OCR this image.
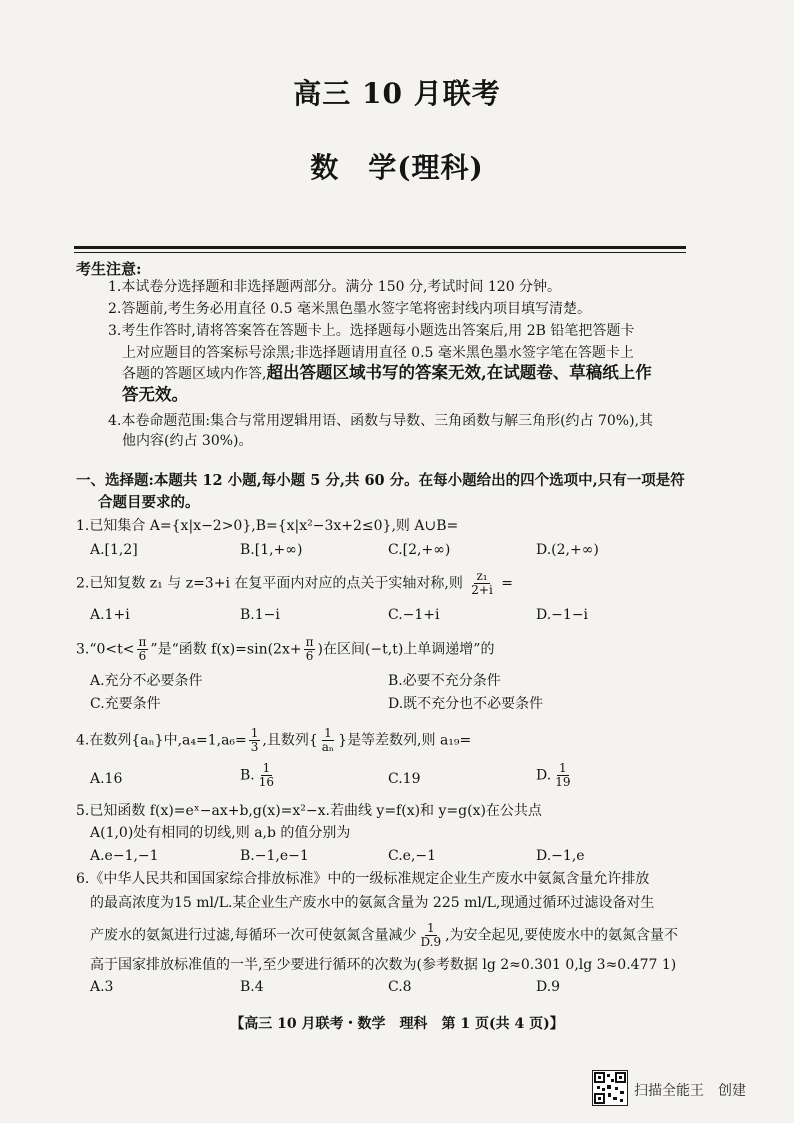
高三 10 月联考
数　学(理科)
考生注意:
1.本试卷分选择题和非选择题两部分。满分 150 分,考试时间 120 分钟。
2.答题前,考生务必用直径 0.5 毫米黑色墨水签字笔将密封线内项目填写清楚。
3.考生作答时,请将答案答在答题卡上。选择题每小题选出答案后,用 2B 铅笔把答题卡
上对应题目的答案标号涂黑;非选择题请用直径 0.5 毫米黑色墨水签字笔在答题卡上
各题的答题区域内作答,超出答题区域书写的答案无效,在试题卷、草稿纸上作
答无效。
4.本卷命题范围:集合与常用逻辑用语、函数与导数、三角函数与解三角形(约占 70%),其
他内容(约占 30%)。
一、选择题:本题共 12 小题,每小题 5 分,共 60 分。在每小题给出的四个选项中,只有一项是符
合题目要求的。
1.已知集合 A={x|x−2>0},B={x|x²−3x+2≤0},则 A∪B=
A.[1,2]	B.[1,+∞)	C.[2,+∞)	D.(2,+∞)
2.已知复数 z₁ 与 z=3+i 在复平面内对应的点关于实轴对称,则 $\frac{\text{z₁}}{2+i}$ =
A.1+i	B.1−i	C.−1+i	D.−1−i
3.“0<t< $\frac{\pi}{6}$ ”是“函数 $f(x)=\sin(2x+ \frac{\pi}{6}$ )在区间(−t,t)上单调递增”的
A.充分不必要条件	B.必要不充分条件
C.充要条件	D.既不充分也不必要条件
4.在数列{aₙ}中$,a_4=1,a_6= \frac{1}{3}$ ,且数列{ $\frac{1}{\text{aₙ}}$ }是等差数列,则 a₁₉=
A.16	B. $\frac{1}{16}$	C.19	D. $\frac{1}{19}$
5.已知函数 f(x)=eˣ−ax+b,g(x)=x²−x.若曲线 y=f(x)和 y=g(x)在公共点
A(1,0)处有相同的切线,则 a,b 的值分别为
A.e−1,−1	B.−1,e−1	C.e,−1	D.−1,e
6.《中华人民共和国国家综合排放标准》中的一级标准规定企业生产废水中氨氮含量允许排放
的最高浓度为15 ml/L.某企业生产废水中的氨氮含量为 225 ml/L,现通过循环过滤设备对生
产废水的氨氮进行过滤,每循环一次可使氨氮含量减少 $\frac{1}{D.9}$ ,为安全起见,要使废水中的氨氮含量不
高于国家排放标准值的一半,至少要进行循环的次数为(参考数据 lg 2≈0.301 0,lg 3≈0.477 1)
A.3	B.4	C.8	D.9
【高三 10 月联考・数学　理科　第 1 页(共 4 页)】
扫描全能王　创建
